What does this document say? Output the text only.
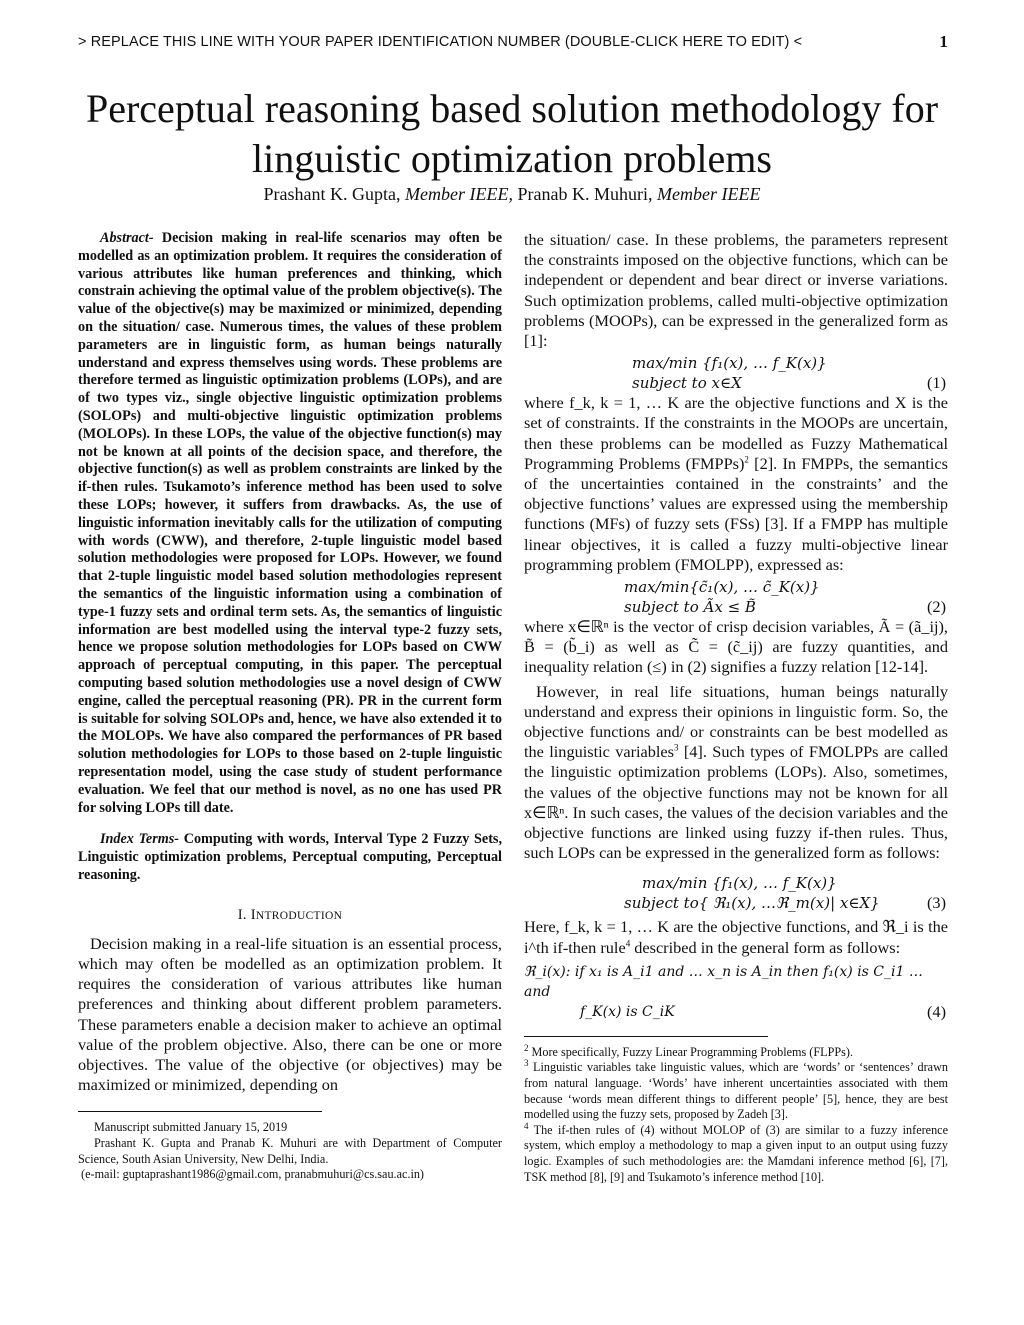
> REPLACE THIS LINE WITH YOUR PAPER IDENTIFICATION NUMBER (DOUBLE-CLICK HERE TO EDIT) <	1
Perceptual reasoning based solution methodology for
linguistic optimization problems
Prashant K. Gupta, Member IEEE, Pranab K. Muhuri, Member IEEE

Abstract- Decision making in real-life scenarios may often be modelled as an optimization problem. It requires the consideration of various attributes like human preferences and thinking, which constrain achieving the optimal value of the problem objective(s). The value of the objective(s) may be maximized or minimized, depending on the situation/ case. Numerous times, the values of these problem parameters are in linguistic form, as human beings naturally understand and express themselves using words. These problems are therefore termed as linguistic optimization problems (LOPs), and are of two types viz., single objective linguistic optimization problems (SOLOPs) and multi-objective linguistic optimization problems (MOLOPs). In these LOPs, the value of the objective function(s) may not be known at all points of the decision space, and therefore, the objective function(s) as well as problem constraints are linked by the if-then rules. Tsukamoto’s inference method has been used to solve these LOPs; however, it suffers from drawbacks. As, the use of linguistic information inevitably calls for the utilization of computing with words (CWW), and therefore, 2-tuple linguistic model based solution methodologies were proposed for LOPs. However, we found that 2-tuple linguistic model based solution methodologies represent the semantics of the linguistic information using a combination of type-1 fuzzy sets and ordinal term sets. As, the semantics of linguistic information are best modelled using the interval type-2 fuzzy sets, hence we propose solution methodologies for LOPs based on CWW approach of perceptual computing, in this paper. The perceptual computing based solution methodologies use a novel design of CWW engine, called the perceptual reasoning (PR). PR in the current form is suitable for solving SOLOPs and, hence, we have also extended it to the MOLOPs. We have also compared the performances of PR based solution methodologies for LOPs to those based on 2-tuple linguistic representation model, using the case study of student performance evaluation. We feel that our method is novel, as no one has used PR for solving LOPs till date.

Index Terms- Computing with words, Interval Type 2 Fuzzy Sets, Linguistic optimization problems, Perceptual computing, Perceptual reasoning.

I. INTRODUCTION

Decision making in a real-life situation is an essential process, which may often be modelled as an optimization problem. It requires the consideration of various attributes like human preferences and thinking about different problem parameters. These parameters enable a decision maker to achieve an optimal value of the problem objective. Also, there can be one or more objectives. The value of the objective (or objectives) may be maximized or minimized, depending on

Manuscript submitted January 15, 2019

Prashant K. Gupta and Pranab K. Muhuri are with Department of Computer Science, South Asian University, New Delhi, India.

(e-mail: guptaprashant1986@gmail.com, pranabmuhuri@cs.sau.ac.in)

the situation/ case. In these problems, the parameters represent the constraints imposed on the objective functions, which can be independent or dependent and bear direct or inverse variations. Such optimization problems, called multi-objective optimization problems (MOOPs), can be expressed in the generalized form as [1]:

max/min {f₁(x), … f_K(x)}
subject to x∈X	(1)

where f_k, k = 1, … K are the objective functions and X is the set of constraints. If the constraints in the MOOPs are uncertain, then these problems can be modelled as Fuzzy Mathematical Programming Problems (FMPPs)$^2$ [2]. In FMPPs, the semantics of the uncertainties contained in the constraints’ and the objective functions’ values are expressed using the membership functions (MFs) of fuzzy sets (FSs) [3]. If a FMPP has multiple linear objectives, it is called a fuzzy multi-objective linear programming problem (FMOLPP), expressed as:

max/min{c̃₁(x), … c̃_K(x)}
subject to Ãx ≤ B̃	(2)

where x∈ℝⁿ is the vector of crisp decision variables, Ã = (ã_ij), B̃ = (b̃_i) as well as C̃ = (c̃_ij) are fuzzy quantities, and inequality relation (≤) in (2) signifies a fuzzy relation [12-14].

However, in real life situations, human beings naturally understand and express their opinions in linguistic form. So, the objective functions and/ or constraints can be best modelled as the linguistic variables$^3$ [4]. Such types of FMOLPPs are called the linguistic optimization problems (LOPs). Also, sometimes, the values of the objective functions may not be known for all x∈ℝⁿ. In such cases, the values of the decision variables and the objective functions are linked using fuzzy if-then rules. Thus, such LOPs can be expressed in the generalized form as follows:

max/min {f₁(x), … f_K(x)}
subject to{ ℜ₁(x), …ℜ_m(x)| x∈X}	(3)

Here, f_k, k = 1, … K are the objective functions, and ℜ_i is the i^th if-then rule$^4$ described in the general form as follows:

ℜ_i(x): if x₁ is A_i1 and … x_n is A_in then f₁(x) is C_i1 … and
f_K(x) is C_iK	(4)

$^2$ More specifically, Fuzzy Linear Programming Problems (FLPPs).

$^3$ Linguistic variables take linguistic values, which are ‘words’ or ‘sentences’ drawn from natural language. ‘Words’ have inherent uncertainties associated with them because ‘words mean different things to different people’ [5], hence, they are best modelled using the fuzzy sets, proposed by Zadeh [3].

$^4$ The if-then rules of (4) without MOLOP of (3) are similar to a fuzzy inference system, which employ a methodology to map a given input to an output using fuzzy logic. Examples of such methodologies are: the Mamdani inference method [6], [7], TSK method [8], [9] and Tsukamoto’s inference method [10].
